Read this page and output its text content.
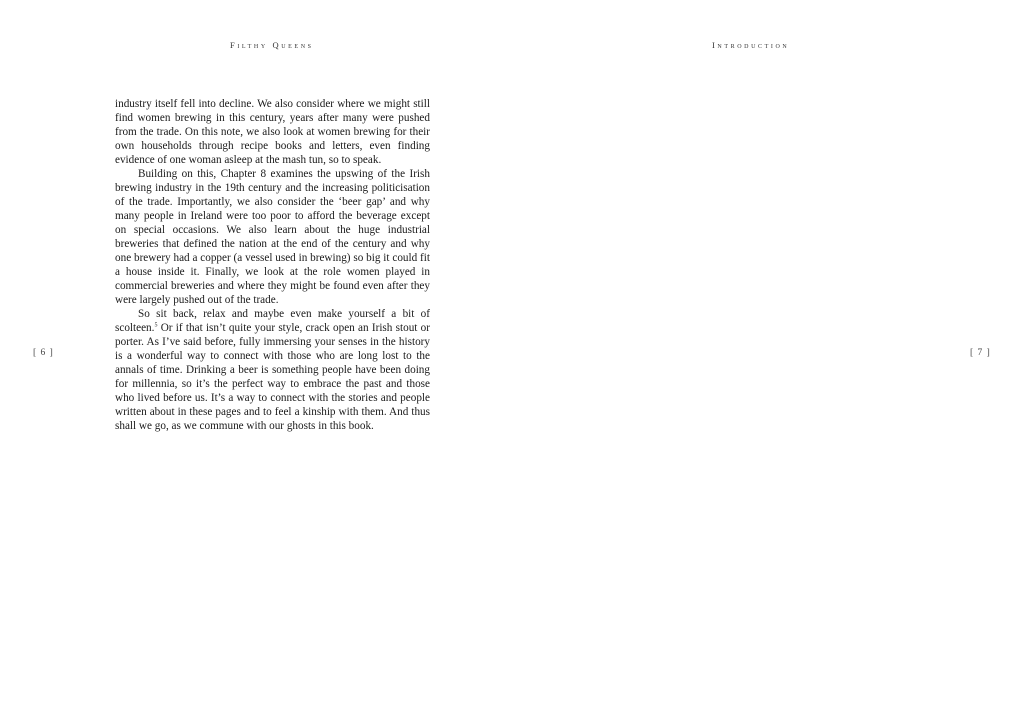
Filthy Queens

industry itself fell into decline. We also consider where we might still find women brewing in this century, years after many were pushed from the trade. On this note, we also look at women brewing for their own households through recipe books and letters, even finding evidence of one woman asleep at the mash tun, so to speak.

Building on this, Chapter 8 examines the upswing of the Irish brewing industry in the 19th century and the increasing politicisation of the trade. Importantly, we also consider the ‘beer gap’ and why many people in Ireland were too poor to afford the beverage except on special occasions. We also learn about the huge industrial breweries that defined the nation at the end of the century and why one brewery had a copper (a vessel used in brewing) so big it could fit a house inside it. Finally, we look at the role women played in commercial breweries and where they might be found even after they were largely pushed out of the trade.

So sit back, relax and maybe even make yourself a bit of scolteen.$^5$ Or if that isn’t quite your style, crack open an Irish stout or porter. As I’ve said before, fully immersing your senses in the history is a wonderful way to connect with those who are long lost to the annals of time. Drinking a beer is something people have been doing for millennia, so it’s the perfect way to embrace the past and those who lived before us. It’s a way to connect with the stories and people written about in these pages and to feel a kinship with them. And thus shall we go, as we commune with our ghosts in this book.

[ 6 ]
Introduction
[ 7 ]
